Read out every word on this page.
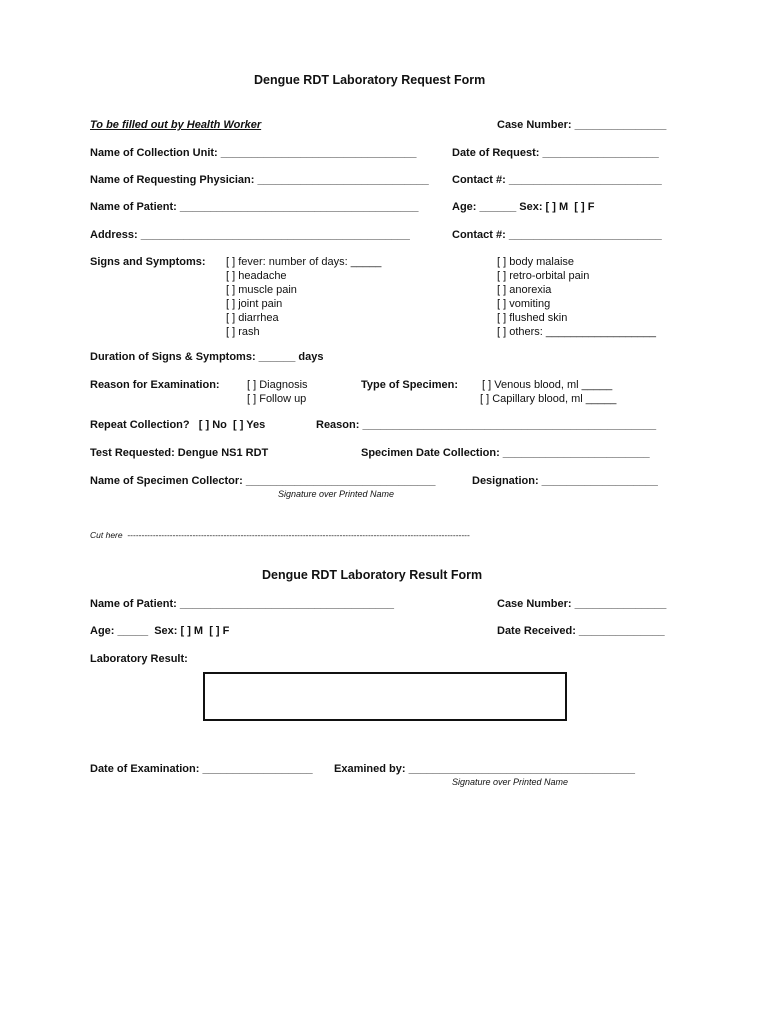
Dengue RDT Laboratory Request Form
To be filled out by Health Worker	Case Number: _______________
Name of Collection Unit: ________________________________	Date of Request: ___________________
Name of Requesting Physician: ____________________________ Contact #: _________________________
Name of Patient: _______________________________________	Age: ______ Sex: [ ] M  [ ] F
Address: ____________________________________________	Contact #: _________________________
Signs and Symptoms: [ ] fever: number of days: _____
[ ] headache
[ ] muscle pain
[ ] joint pain
[ ] diarrhea
[ ] rash
[ ] body malaise
[ ] retro-orbital pain
[ ] anorexia
[ ] vomiting
[ ] flushed skin
[ ] others: __________________
Duration of Signs & Symptoms: ______ days
Reason for Examination: [ ] Diagnosis
[ ] Follow up
Type of Specimen: [ ] Venous blood, ml _____
[ ] Capillary blood, ml _____
Repeat Collection?   [ ] No  [ ] Yes	Reason: ________________________________________________
Test Requested: Dengue NS1 RDT	Specimen Date Collection: ________________________
Name of Specimen Collector: _______________________________	Designation: ___________________
Signature over Printed Name
Cut here -------------------------------------------------------------------------------------------------------------------------
Dengue RDT Laboratory Result Form
Name of Patient: ___________________________________	Case Number: _______________
Age: _____  Sex: [ ] M  [ ] F	Date Received: ______________
Laboratory Result:
Date of Examination: __________________ Examined by: _____________________________________
Signature over Printed Name
